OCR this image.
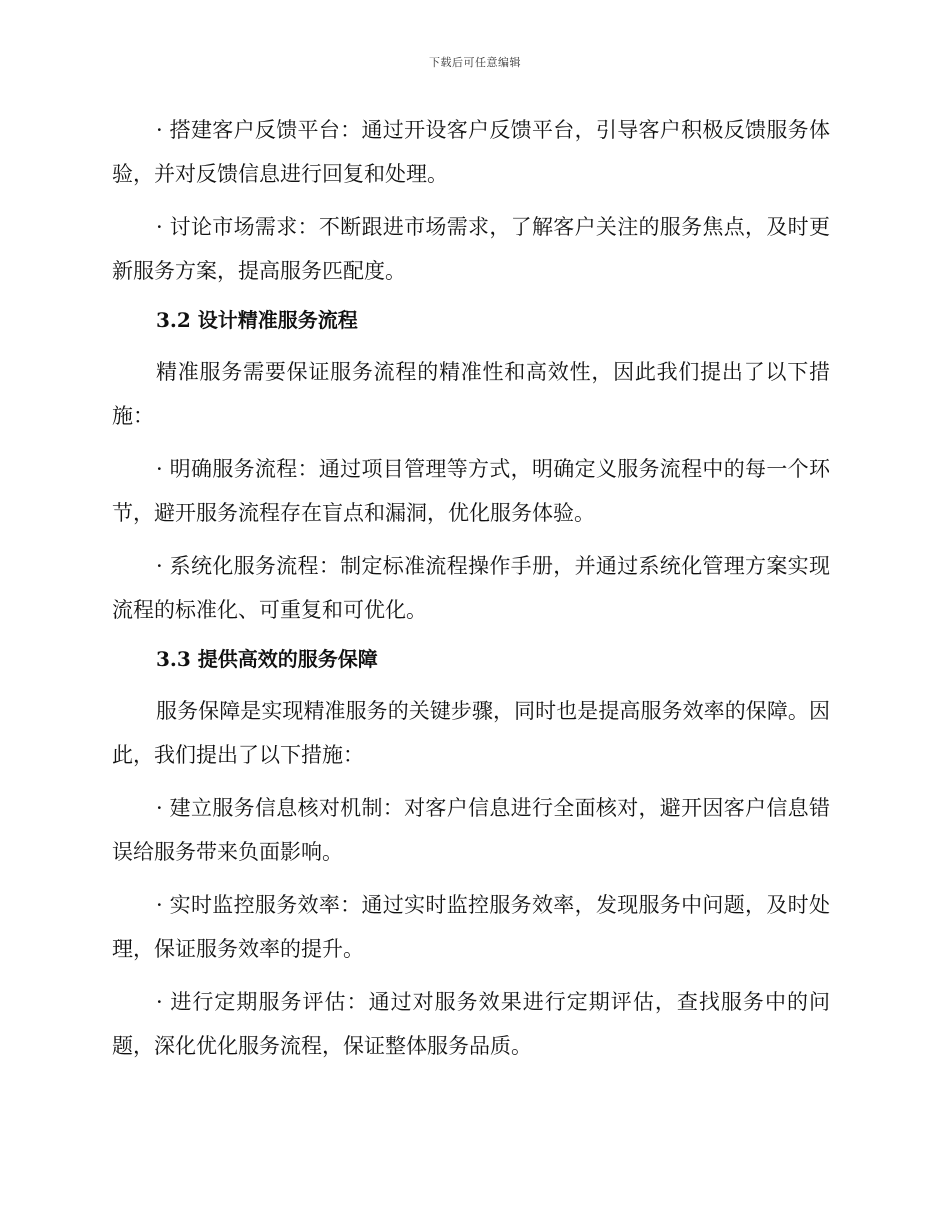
下载后可任意编辑

· 搭建客户反馈平台：通过开设客户反馈平台，引导客户积极反馈服务体验，并对反馈信息进行回复和处理。

· 讨论市场需求：不断跟进市场需求，了解客户关注的服务焦点，及时更新服务方案，提高服务匹配度。

3.2 设计精准服务流程

精准服务需要保证服务流程的精准性和高效性，因此我们提出了以下措施：

· 明确服务流程：通过项目管理等方式，明确定义服务流程中的每一个环节，避开服务流程存在盲点和漏洞，优化服务体验。

· 系统化服务流程：制定标准流程操作手册，并通过系统化管理方案实现流程的标准化、可重复和可优化。

3.3 提供高效的服务保障

服务保障是实现精准服务的关键步骤，同时也是提高服务效率的保障。因此，我们提出了以下措施：

· 建立服务信息核对机制：对客户信息进行全面核对，避开因客户信息错误给服务带来负面影响。

· 实时监控服务效率：通过实时监控服务效率，发现服务中问题，及时处理，保证服务效率的提升。

· 进行定期服务评估：通过对服务效果进行定期评估，查找服务中的问题，深化优化服务流程，保证整体服务品质。
